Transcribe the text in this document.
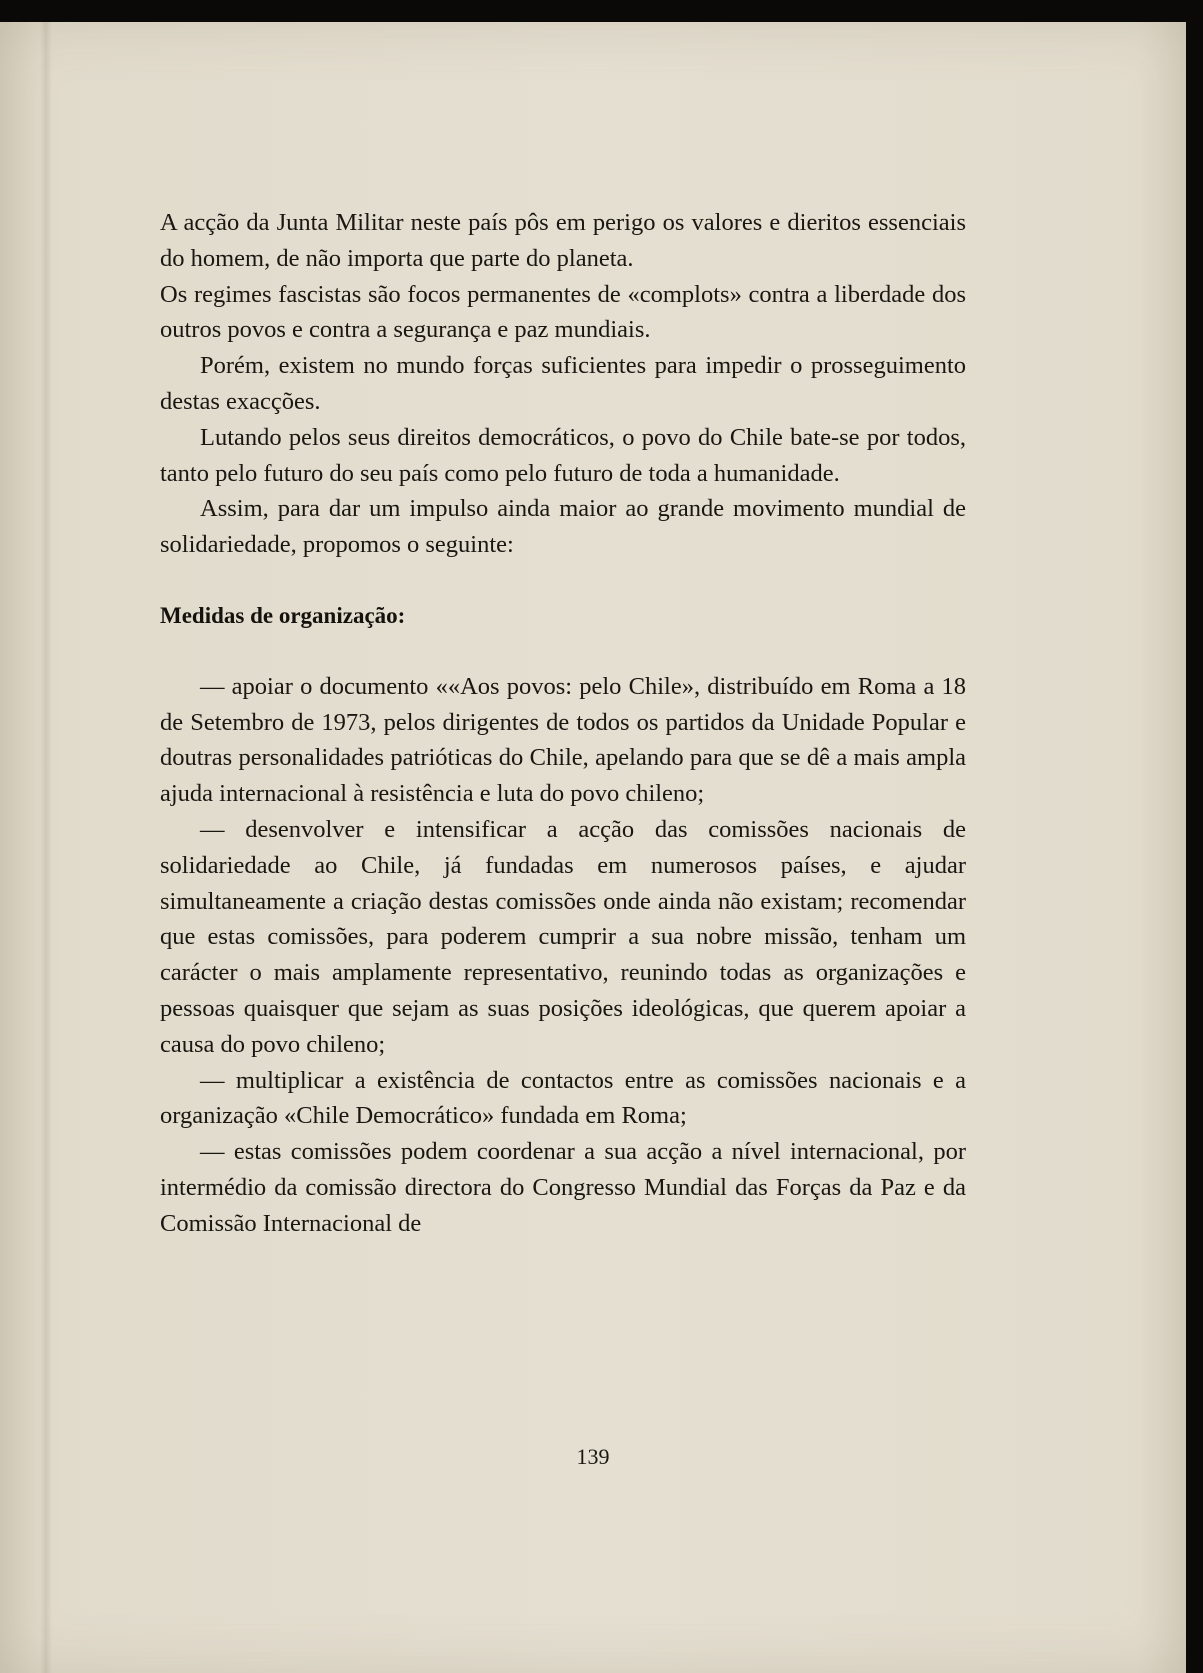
A acção da Junta Militar neste país pôs em perigo os valores e dieritos essenciais do homem, de não importa que parte do planeta.

Os regimes fascistas são focos permanentes de «complots» contra a liberdade dos outros povos e contra a segurança e paz mundiais.

Porém, existem no mundo forças suficientes para impedir o prosseguimento destas exacções.

Lutando pelos seus direitos democráticos, o povo do Chile bate-se por todos, tanto pelo futuro do seu país como pelo futuro de toda a humanidade.

Assim, para dar um impulso ainda maior ao grande movimento mundial de solidariedade, propomos o seguinte:

Medidas de organização:

— apoiar o documento ««Aos povos: pelo Chile», distribuído em Roma a 18 de Setembro de 1973, pelos dirigentes de todos os partidos da Unidade Popular e doutras personalidades patrióticas do Chile, apelando para que se dê a mais ampla ajuda internacional à resistência e luta do povo chileno;

— desenvolver e intensificar a acção das comissões nacionais de solidariedade ao Chile, já fundadas em numerosos países, e ajudar simultaneamente a criação destas comissões onde ainda não existam; recomendar que estas comissões, para poderem cumprir a sua nobre missão, tenham um carácter o mais amplamente representativo, reunindo todas as organizações e pessoas quaisquer que sejam as suas posições ideológicas, que querem apoiar a causa do povo chileno;

— multiplicar a existência de contactos entre as comissões nacionais e a organização «Chile Democrático» fundada em Roma;

— estas comissões podem coordenar a sua acção a nível internacional, por intermédio da comissão directora do Congresso Mundial das Forças da Paz e da Comissão Internacional de

139
